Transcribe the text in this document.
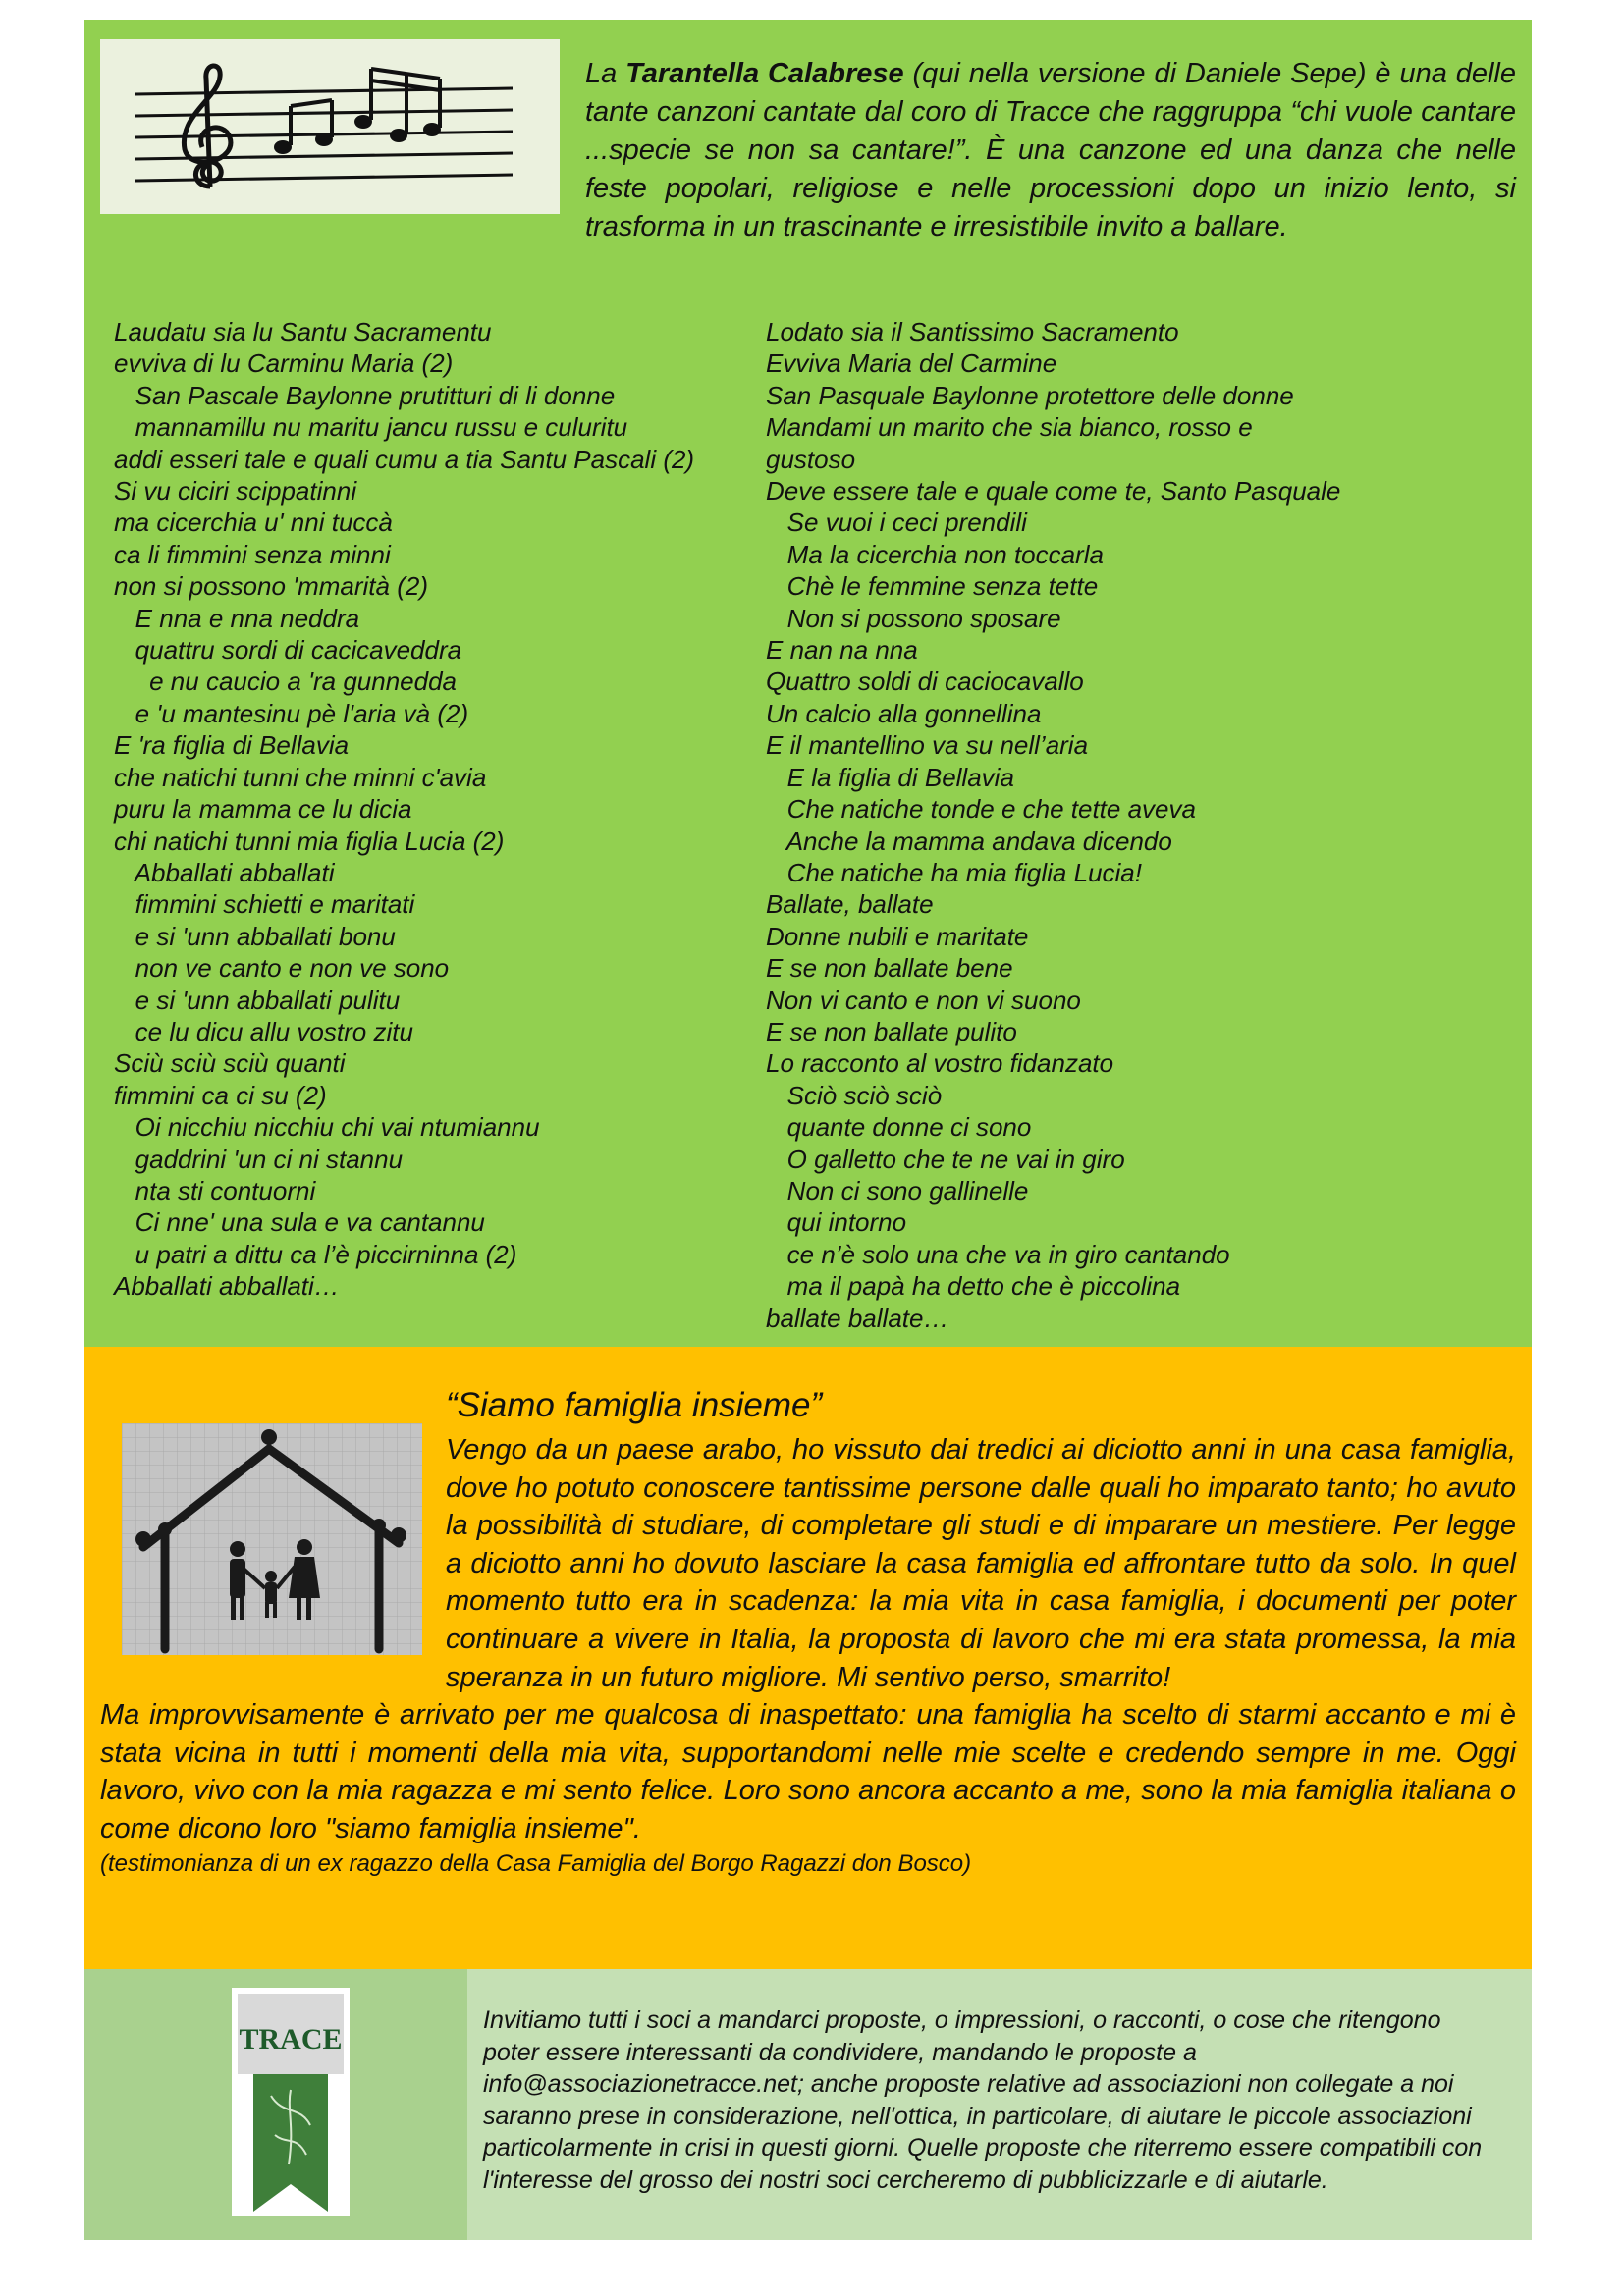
La Tarantella Calabrese (qui nella versione di Daniele Sepe) è una delle tante canzoni cantate dal coro di Tracce che raggruppa “chi vuole cantare ...specie se non sa cantare!”. È una canzone ed una danza che nelle feste popolari, religiose e nelle processioni dopo un inizio lento, si trasforma in un trascinante e irresistibile invito a ballare.
Laudatu sia lu Santu Sacramentu
evviva di lu Carminu Maria (2)
San Pascale Baylonne prutitturi di li donne
mannamillu nu maritu jancu russu e culuritu
addi esseri tale e quali cumu a tia Santu Pascali (2)
Si vu ciciri scippatinni
ma cicerchia u' nni tuccà
ca li fimmini senza minni
non si possono 'mmarità (2)
E nna e nna neddra
quattru sordi di cacicaveddra
e nu caucio a 'ra gunnedda
e 'u mantesinu pè l'aria và (2)
E 'ra figlia di Bellavia
che natichi tunni che minni c'avia
puru la mamma ce lu dicia
chi natichi tunni mia figlia Lucia (2)
Abballati abballati
fimmini schietti e maritati
e si 'unn abballati bonu
non ve canto e non ve sono
e si 'unn abballati pulitu
ce lu dicu allu vostro zitu
Sciù sciù sciù quanti
fimmini ca ci su (2)
Oi nicchiu nicchiu chi vai ntumiannu
gaddrini 'un ci ni stannu
nta sti contuorni
Ci nne' una sula e va cantannu
u patri a dittu ca l’è piccirninna (2)
Abballati abballati…
Lodato sia il Santissimo Sacramento
Evviva Maria del Carmine
San Pasquale Baylonne protettore delle donne
Mandami un marito che sia bianco, rosso e gustoso
Deve essere tale e quale come te, Santo Pasquale
Se vuoi i ceci prendili
Ma la cicerchia non toccarla
Chè le femmine senza tette
Non si possono sposare
E nan na nna
Quattro soldi di caciocavallo
Un calcio alla gonnellina
E il mantellino va su nell’aria
E la figlia di Bellavia
Che natiche tonde e che tette aveva
Anche la mamma andava dicendo
Che natiche ha mia figlia Lucia!
Ballate, ballate
Donne nubili e maritate
E se non ballate bene
Non vi canto e non vi suono
E se non ballate pulito
Lo racconto al vostro fidanzato
Sciò sciò sciò
quante donne ci sono
O galletto che te ne vai in giro
Non ci sono gallinelle
qui intorno
ce n’è solo una che va in giro cantando
ma il papà ha detto che è piccolina
ballate ballate…
“Siamo famiglia insieme”

Vengo da un paese arabo, ho vissuto dai tredici ai diciotto anni in una casa famiglia, dove ho potuto conoscere tantissime persone dalle quali ho imparato tanto; ho avuto la possibilità di studiare, di completare gli studi e di imparare un mestiere. Per legge a diciotto anni ho dovuto lasciare la casa famiglia ed affrontare tutto da solo. In quel momento tutto era in scadenza: la mia vita in casa famiglia, i documenti per poter continuare a vivere in Italia, la proposta di lavoro che mi era stata promessa, la mia speranza in un futuro migliore. Mi sentivo perso, smarrito!

Ma improvvisamente è arrivato per me qualcosa di inaspettato: una famiglia ha scelto di starmi accanto e mi è stata vicina in tutti i momenti della mia vita, supportandomi nelle mie scelte e credendo sempre in me. Oggi lavoro, vivo con la mia ragazza e mi sento felice. Loro sono ancora accanto a me, sono la mia famiglia italiana o come dicono loro "siamo famiglia insieme".

(testimonianza di un ex ragazzo della Casa Famiglia del Borgo Ragazzi don Bosco)

TRACE

Invitiamo tutti i soci a mandarci proposte, o impressioni, o racconti, o cose che ritengono poter essere interessanti da condividere, mandando le proposte a info@associazionetracce.net; anche proposte relative ad associazioni non collegate a noi saranno prese in considerazione, nell'ottica, in particolare, di aiutare le piccole associazioni particolarmente in crisi in questi giorni. Quelle proposte che riterremo essere compatibili con l'interesse del grosso dei nostri soci cercheremo di pubblicizzarle e di aiutarle.
